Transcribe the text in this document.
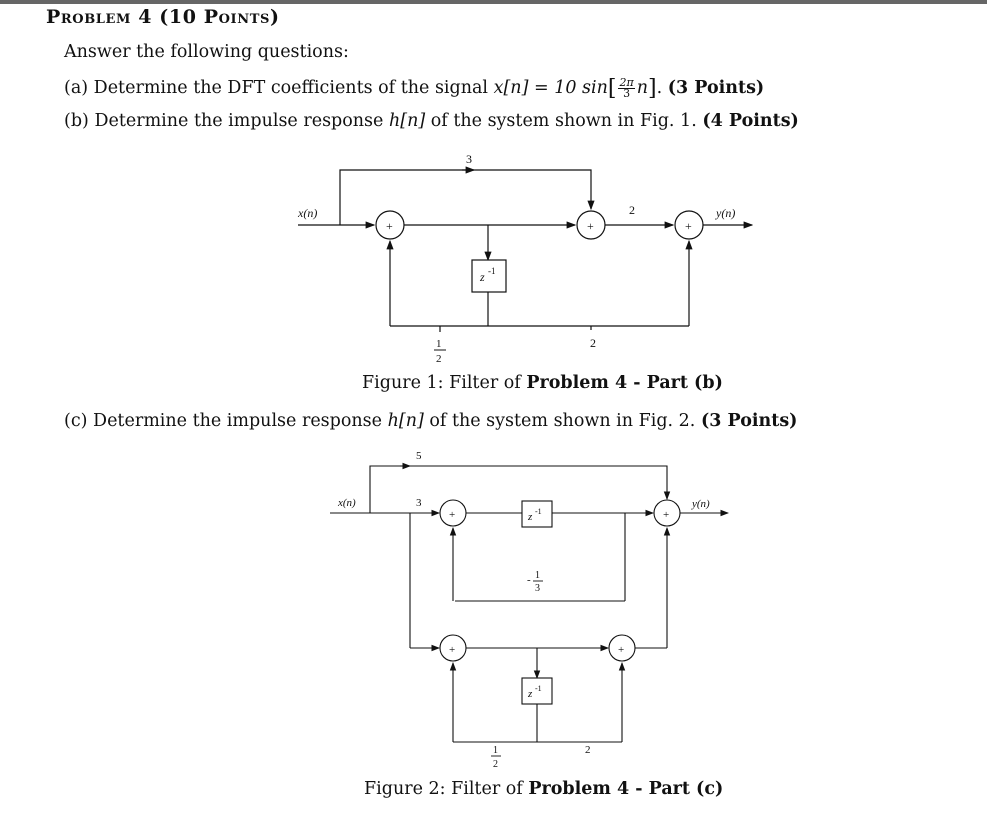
Problem 4 (10 Points)
Answer the following questions:
(a) Determine the DFT coefficients of the signal x[n] = 10 $\sin[ \frac{2\pi}{3} n]$. (3 Points)
(b) Determine the impulse response h[n] of the system shown in Fig. 1. (4 Points)
x(n)	y(n)
+	+	+
3
2
z -1
2
1
2
Figure 1: Filter of Problem 4 - Part (b)
(c) Determine the impulse response h[n] of the system shown in Fig. 2. (3 Points)
x(n)	y(n)
5
3
+	+
+	+
z -1
z -1
- 1
3
2
1
2
Figure 2: Filter of Problem 4 - Part (c)
